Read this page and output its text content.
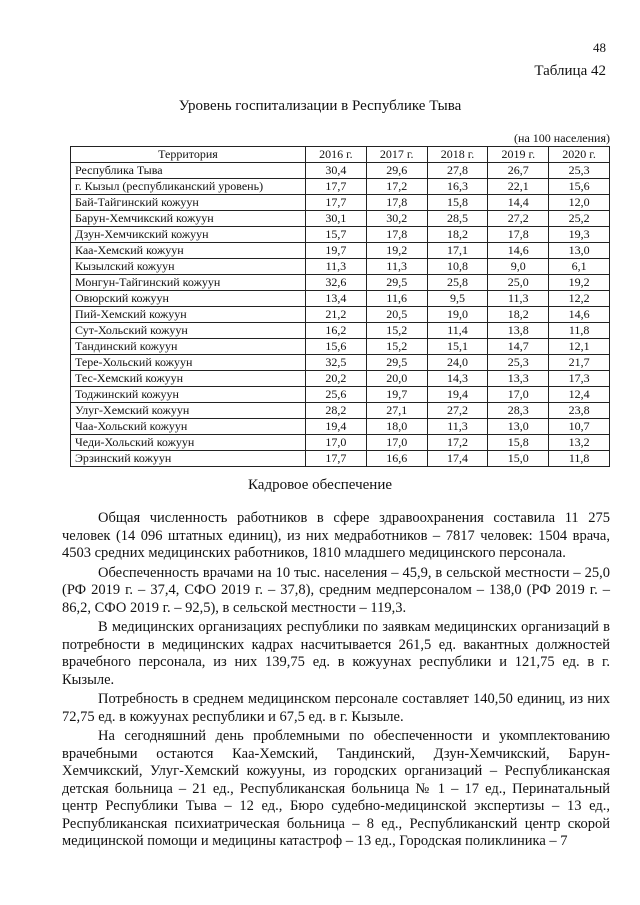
48
Таблица 42
Уровень госпитализации в Республике Тыва
(на 100 населения)
Территория	2016 г.	2017 г.	2018 г.	2019 г.	2020 г.
Республика Тыва	30,4	29,6	27,8	26,7	25,3
г. Кызыл (республиканский уровень)	17,7	17,2	16,3	22,1	15,6
Бай-Тайгинский кожуун	17,7	17,8	15,8	14,4	12,0
Барун-Хемчикский кожуун	30,1	30,2	28,5	27,2	25,2
Дзун-Хемчикский кожуун	15,7	17,8	18,2	17,8	19,3
Каа-Хемский кожуун	19,7	19,2	17,1	14,6	13,0
Кызылский кожуун	11,3	11,3	10,8	9,0	6,1
Монгун-Тайгинский кожуун	32,6	29,5	25,8	25,0	19,2
Овюрский кожуун	13,4	11,6	9,5	11,3	12,2
Пий-Хемский кожуун	21,2	20,5	19,0	18,2	14,6
Сут-Хольский кожуун	16,2	15,2	11,4	13,8	11,8
Тандинский кожуун	15,6	15,2	15,1	14,7	12,1
Тере-Хольский кожуун	32,5	29,5	24,0	25,3	21,7
Тес-Хемский кожуун	20,2	20,0	14,3	13,3	17,3
Тоджинский кожуун	25,6	19,7	19,4	17,0	12,4
Улуг-Хемский кожуун	28,2	27,1	27,2	28,3	23,8
Чаа-Хольский кожуун	19,4	18,0	11,3	13,0	10,7
Чеди-Хольский кожуун	17,0	17,0	17,2	15,8	13,2
Эрзинский кожуун	17,7	16,6	17,4	15,0	11,8
Кадровое обеспечение

Общая численность работников в сфере здравоохранения составила 11 275 человек (14 096 штатных единиц), из них медработников – 7817 человек: 1504 врача, 4503 средних медицинских работников, 1810 младшего медицинского персонала.

Обеспеченность врачами на 10 тыс. населения – 45,9, в сельской местности – 25,0 (РФ 2019 г. – 37,4, СФО 2019 г. – 37,8), средним медперсоналом – 138,0 (РФ 2019 г. – 86,2, СФО 2019 г. – 92,5), в сельской местности – 119,3.

В медицинских организациях республики по заявкам медицинских организаций в потребности в медицинских кадрах насчитывается 261,5 ед. вакантных должностей врачебного персонала, из них 139,75 ед. в кожуунах республики и 121,75 ед. в г. Кызыле.

Потребность в среднем медицинском персонале составляет 140,50 единиц, из них 72,75 ед. в кожуунах республики и 67,5 ед. в г. Кызыле.

На сегодняшний день проблемными по обеспеченности и укомплектованию врачебными остаются Каа-Хемский, Тандинский, Дзун-Хемчикский, Барун-Хемчикский, Улуг-Хемский кожууны, из городских организаций – Республиканская детская больница – 21 ед., Республиканская больница № 1 – 17 ед., Перинатальный центр Республики Тыва – 12 ед., Бюро судебно-медицинской экспертизы – 13 ед., Республиканская психиатрическая больница – 8 ед., Республиканский центр скорой медицинской помощи и медицины катастроф – 13 ед., Городская поликлиника – 7
